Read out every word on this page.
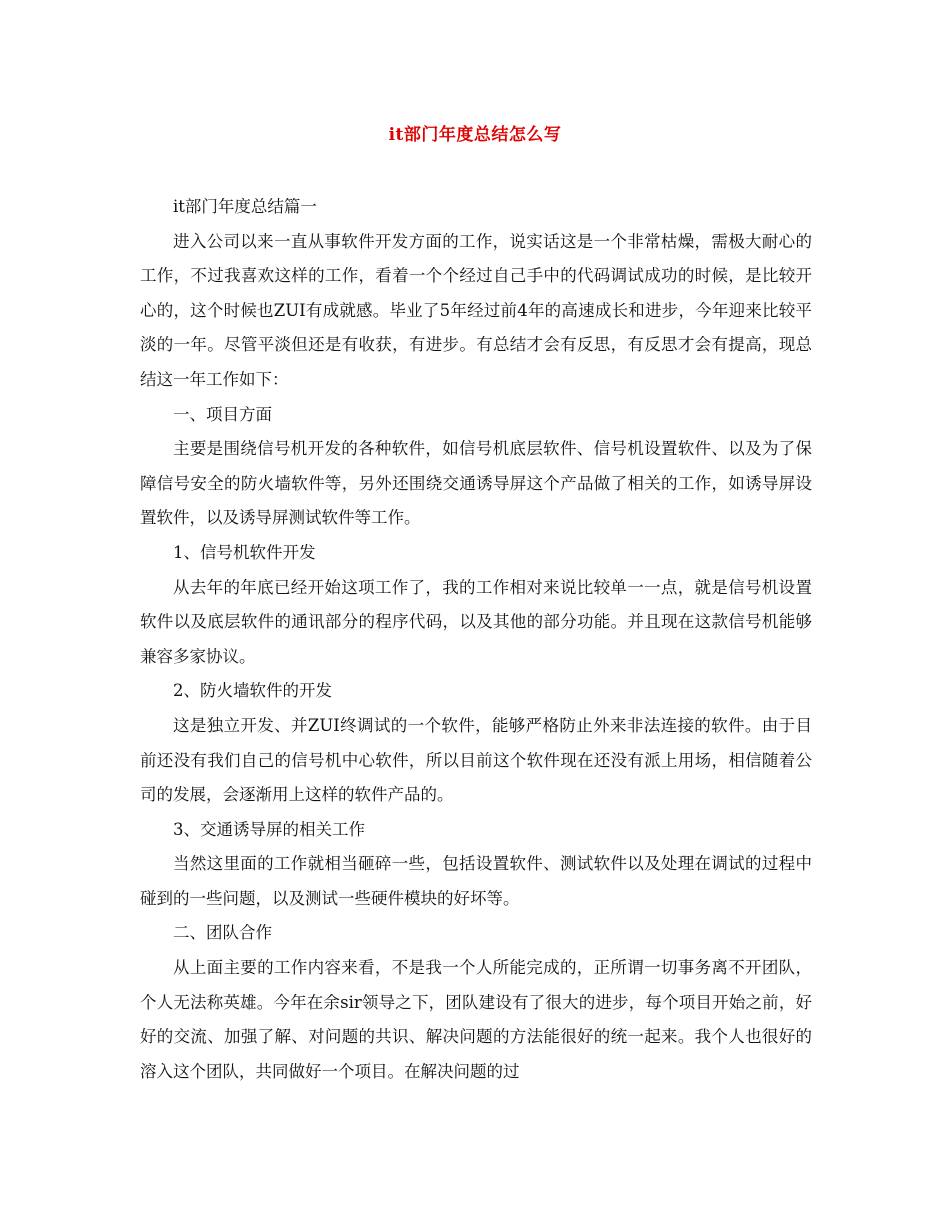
it部门年度总结怎么写

it部门年度总结篇一

进入公司以来一直从事软件开发方面的工作，说实话这是一个非常枯燥，需极大耐心的工作，不过我喜欢这样的工作，看着一个个经过自己手中的代码调试成功的时候，是比较开心的，这个时候也ZUI有成就感。毕业了5年经过前4年的高速成长和进步，今年迎来比较平淡的一年。尽管平淡但还是有收获，有进步。有总结才会有反思，有反思才会有提高，现总结这一年工作如下：

一、项目方面

主要是围绕信号机开发的各种软件，如信号机底层软件、信号机设置软件、以及为了保障信号安全的防火墙软件等，另外还围绕交通诱导屏这个产品做了相关的工作，如诱导屏设置软件，以及诱导屏测试软件等工作。

1、信号机软件开发

从去年的年底已经开始这项工作了，我的工作相对来说比较单一一点，就是信号机设置软件以及底层软件的通讯部分的程序代码，以及其他的部分功能。并且现在这款信号机能够兼容多家协议。

2、防火墙软件的开发

这是独立开发、并ZUI终调试的一个软件，能够严格防止外来非法连接的软件。由于目前还没有我们自己的信号机中心软件，所以目前这个软件现在还没有派上用场，相信随着公司的发展，会逐渐用上这样的软件产品的。

3、交通诱导屏的相关工作

当然这里面的工作就相当砸碎一些，包括设置软件、测试软件以及处理在调试的过程中碰到的一些问题，以及测试一些硬件模块的好坏等。

二、团队合作

从上面主要的工作内容来看，不是我一个人所能完成的，正所谓一切事务离不开团队，个人无法称英雄。今年在余sir领导之下，团队建设有了很大的进步，每个项目开始之前，好好的交流、加强了解、对问题的共识、解决问题的方法能很好的统一起来。我个人也很好的溶入这个团队，共同做好一个项目。在解决问题的过
